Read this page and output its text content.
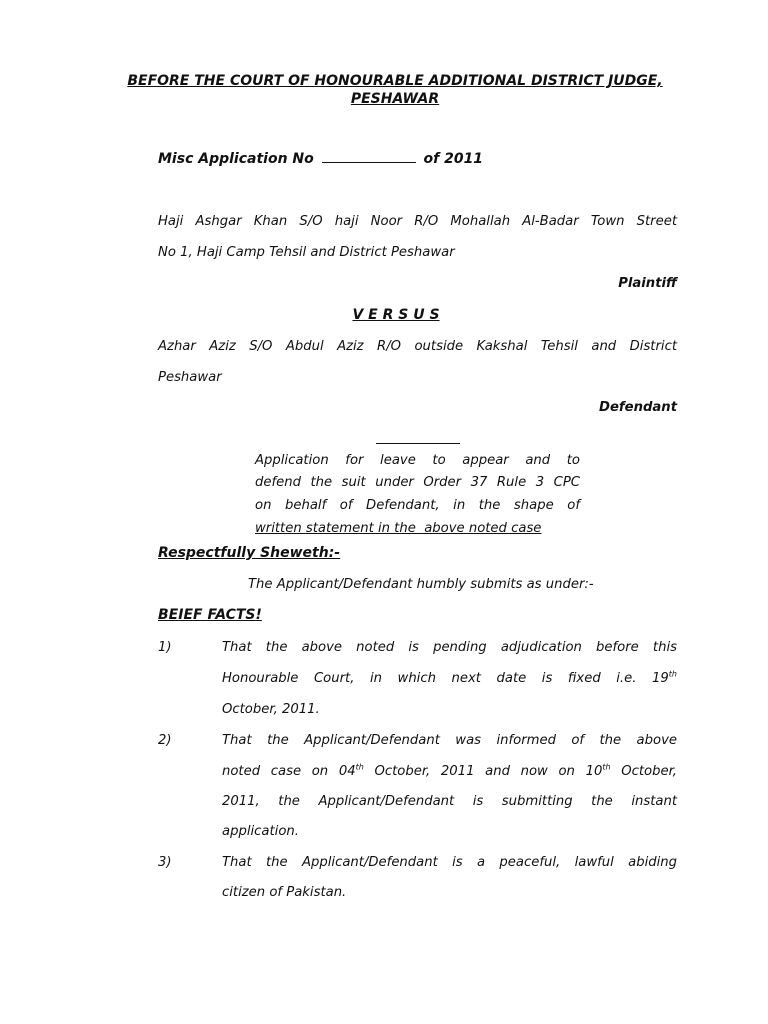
BEFORE THE COURT OF HONOURABLE ADDITIONAL DISTRICT JUDGE,
PESHAWAR
Misc Application No	of 2011
Haji Ashgar Khan S/O haji Noor R/O Mohallah Al-Badar Town Street
No 1, Haji Camp Tehsil and District Peshawar
Plaintiff
V E R S U S
Azhar Aziz S/O Abdul Aziz R/O outside Kakshal Tehsil and District
Peshawar
Defendant
Application for leave to appear and to
defend the suit under Order 37 Rule 3 CPC
on behalf of Defendant, in the shape of
written statement in the  above noted case
Respectfully Sheweth:-
The Applicant/Defendant humbly submits as under:-
BEIEF FACTS!
1)	That the above noted is pending adjudication before this
Honourable Court, in which next date is fixed i.e. 19th
October, 2011.
2)	That the Applicant/Defendant was informed of the above
noted case on 04th October, 2011 and now on 10th October,
2011, the Applicant/Defendant is submitting the instant
application.
3)	That the Applicant/Defendant is a peaceful, lawful abiding
citizen of Pakistan.
